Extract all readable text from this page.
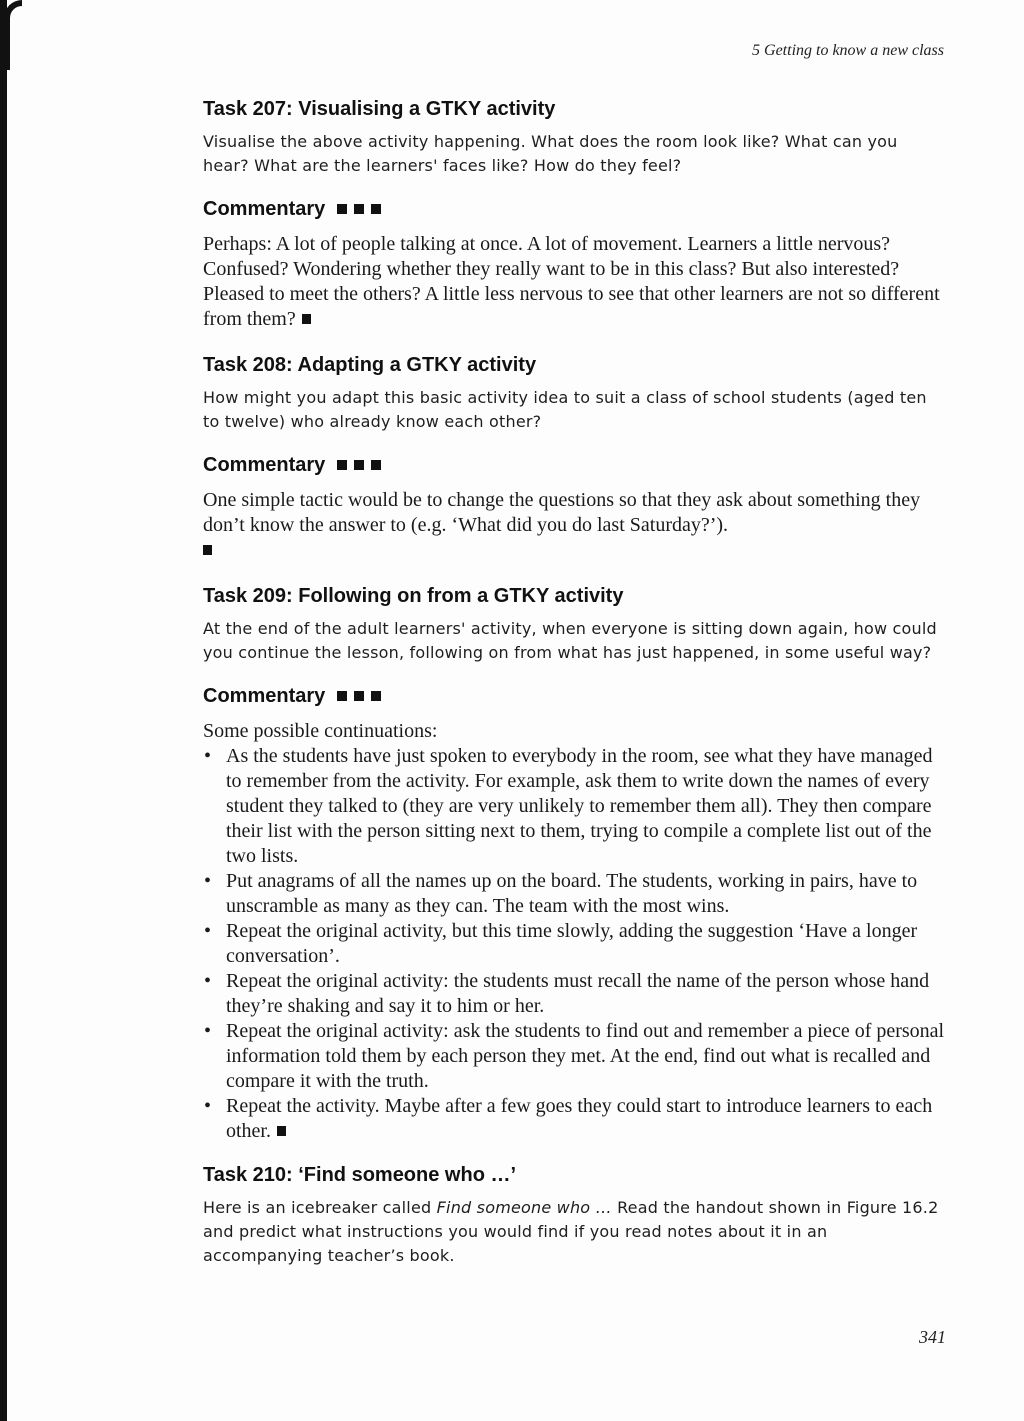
5 Getting to know a new class
Task 207: Visualising a GTKY activity

Visualise the above activity happening. What does the room look like? What can you hear? What are the learners' faces like? How do they feel?

Commentary

Perhaps: A lot of people talking at once. A lot of movement. Learners a little nervous? Confused? Wondering whether they really want to be in this class? But also interested? Pleased to meet the others? A little less nervous to see that other learners are not so different from them?

Task 208: Adapting a GTKY activity

How might you adapt this basic activity idea to suit a class of school students (aged ten to twelve) who already know each other?

Commentary

One simple tactic would be to change the questions so that they ask about something they don’t know the answer to (e.g. ‘What did you do last Saturday?’).

Task 209: Following on from a GTKY activity

At the end of the adult learners' activity, when everyone is sitting down again, how could you continue the lesson, following on from what has just happened, in some useful way?

Commentary

Some possible continuations:

• As the students have just spoken to everybody in the room, see what they have managed to remember from the activity. For example, ask them to write down the names of every student they talked to (they are very unlikely to remember them all). They then compare their list with the person sitting next to them, trying to compile a complete list out of the two lists.
• Put anagrams of all the names up on the board. The students, working in pairs, have to unscramble as many as they can. The team with the most wins.
• Repeat the original activity, but this time slowly, adding the suggestion ‘Have a longer conversation’.
• Repeat the original activity: the students must recall the name of the person whose hand they’re shaking and say it to him or her.
• Repeat the original activity: ask the students to find out and remember a piece of personal information told them by each person they met. At the end, find out what is recalled and compare it with the truth.
• Repeat the activity. Maybe after a few goes they could start to introduce learners to each other.
Task 210: ‘Find someone who …’

Here is an icebreaker called Find someone who … Read the handout shown in Figure 16.2 and predict what instructions you would find if you read notes about it in an accompanying teacher’s book.

341
